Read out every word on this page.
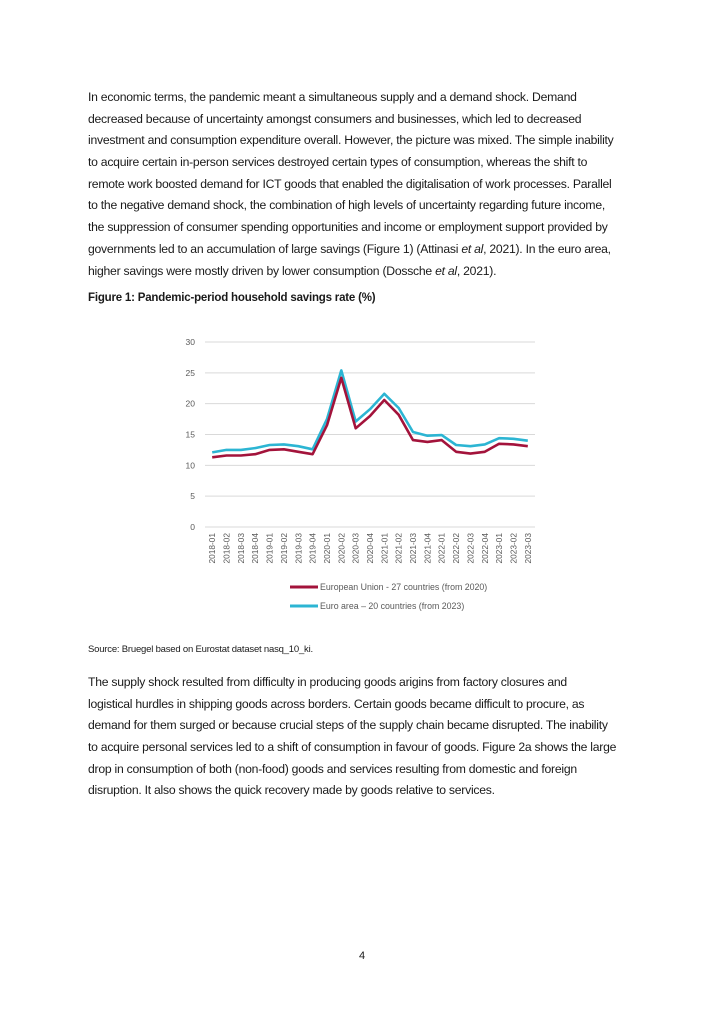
In economic terms, the pandemic meant a simultaneous supply and a demand shock. Demand
decreased because of uncertainty amongst consumers and businesses, which led to decreased
investment and consumption expenditure overall. However, the picture was mixed. The simple inability
to acquire certain in-person services destroyed certain types of consumption, whereas the shift to
remote work boosted demand for ICT goods that enabled the digitalisation of work processes. Parallel
to the negative demand shock, the combination of high levels of uncertainty regarding future income,
the suppression of consumer spending opportunities and income or employment support provided by
governments led to an accumulation of large savings (Figure 1) (Attinasi et al, 2021). In the euro area,
higher savings were mostly driven by lower consumption (Dossche et al, 2021).
Figure 1: Pandemic-period household savings rate (%)
0
5
10
15
20
25
30
2018-01 2018-02 2018-03 2018-04 2019-01 2019-02 2019-03 2019-04 2020-01 2020-02 2020-03 2020-04 2021-01 2021-02 2021-03 2021-04 2022-01 2022-02 2022-03 2022-04 2023-01 2023-02 2023-03
European Union - 27 countries (from 2020)
Euro area – 20 countries (from 2023)
Source: Bruegel based on Eurostat dataset nasq_10_ki.
The supply shock resulted from difficulty in producing goods arigins from factory closures and
logistical hurdles in shipping goods across borders. Certain goods became difficult to procure, as
demand for them surged or because crucial steps of the supply chain became disrupted. The inability
to acquire personal services led to a shift of consumption in favour of goods. Figure 2a shows the large
drop in consumption of both (non-food) goods and services resulting from domestic and foreign
disruption. It also shows the quick recovery made by goods relative to services.
4
